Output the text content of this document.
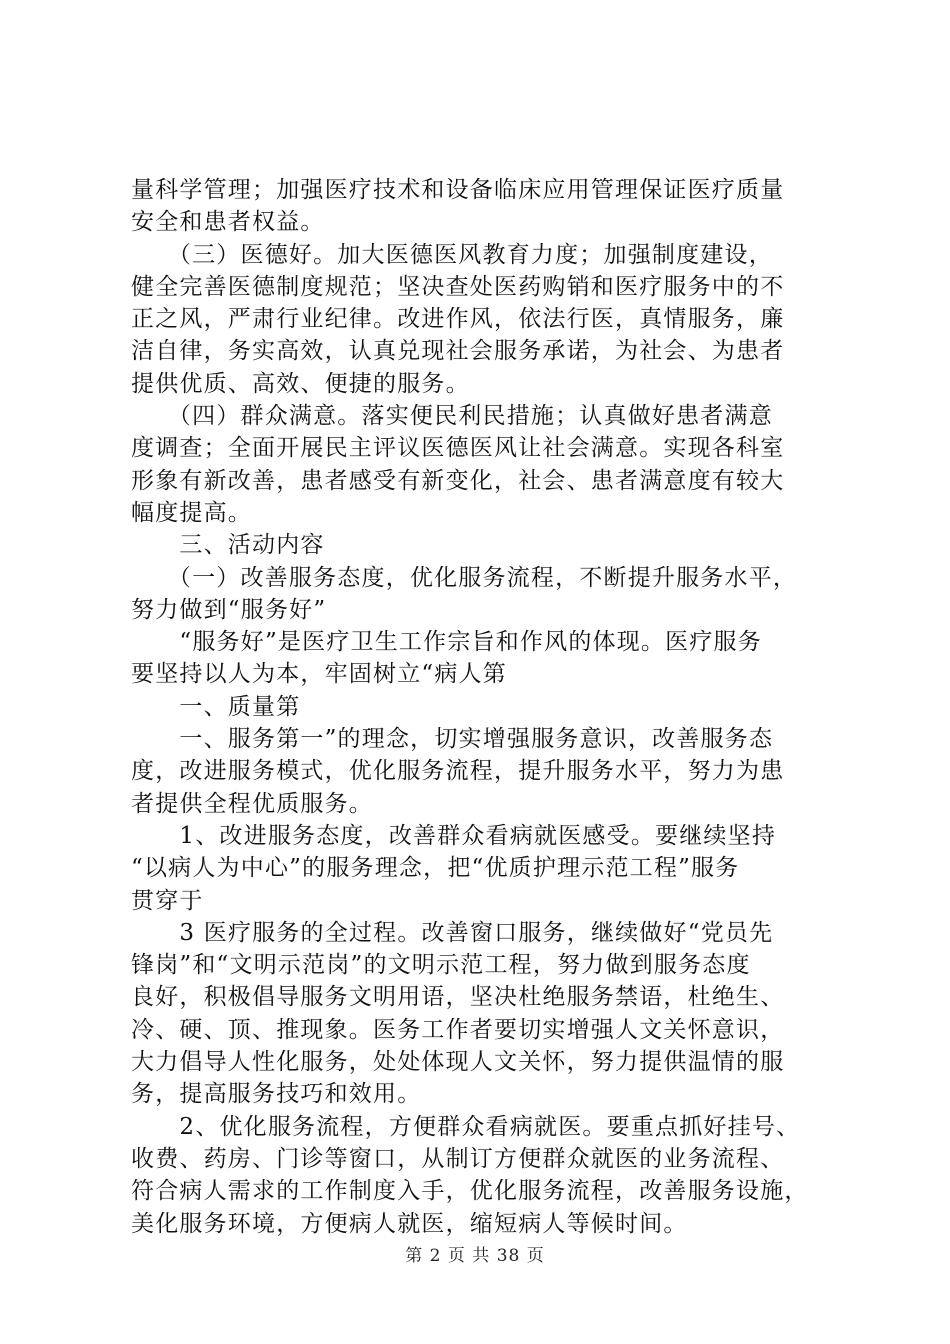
量科学管理；加强医疗技术和设备临床应用管理保证医疗质量
安全和患者权益。
　　（三）医德好。加大医德医风教育力度；加强制度建设，
健全完善医德制度规范；坚决查处医药购销和医疗服务中的不
正之风，严肃行业纪律。改进作风，依法行医，真情服务，廉
洁自律，务实高效，认真兑现社会服务承诺，为社会、为患者
提供优质、高效、便捷的服务。
　　（四）群众满意。落实便民利民措施；认真做好患者满意
度调查；全面开展民主评议医德医风让社会满意。实现各科室
形象有新改善，患者感受有新变化，社会、患者满意度有较大
幅度提高。
　　三、活动内容
　　（一）改善服务态度，优化服务流程，不断提升服务水平，
努力做到“服务好”
　　“服务好”是医疗卫生工作宗旨和作风的体现。医疗服务
要坚持以人为本，牢固树立“病人第
　　一、质量第
　　一、服务第一”的理念，切实增强服务意识，改善服务态
度，改进服务模式，优化服务流程，提升服务水平，努力为患
者提供全程优质服务。
　　1、改进服务态度，改善群众看病就医感受。要继续坚持
“以病人为中心”的服务理念，把“优质护理示范工程”服务
贯穿于
　　3 医疗服务的全过程。改善窗口服务，继续做好“党员先
锋岗”和“文明示范岗”的文明示范工程，努力做到服务态度
良好，积极倡导服务文明用语，坚决杜绝服务禁语，杜绝生、
冷、硬、顶、推现象。医务工作者要切实增强人文关怀意识，
大力倡导人性化服务，处处体现人文关怀，努力提供温情的服
务，提高服务技巧和效用。
　　2、优化服务流程，方便群众看病就医。要重点抓好挂号、
收费、药房、门诊等窗口，从制订方便群众就医的业务流程、
符合病人需求的工作制度入手，优化服务流程，改善服务设施，
美化服务环境，方便病人就医，缩短病人等候时间。
第 2 页 共 38 页
